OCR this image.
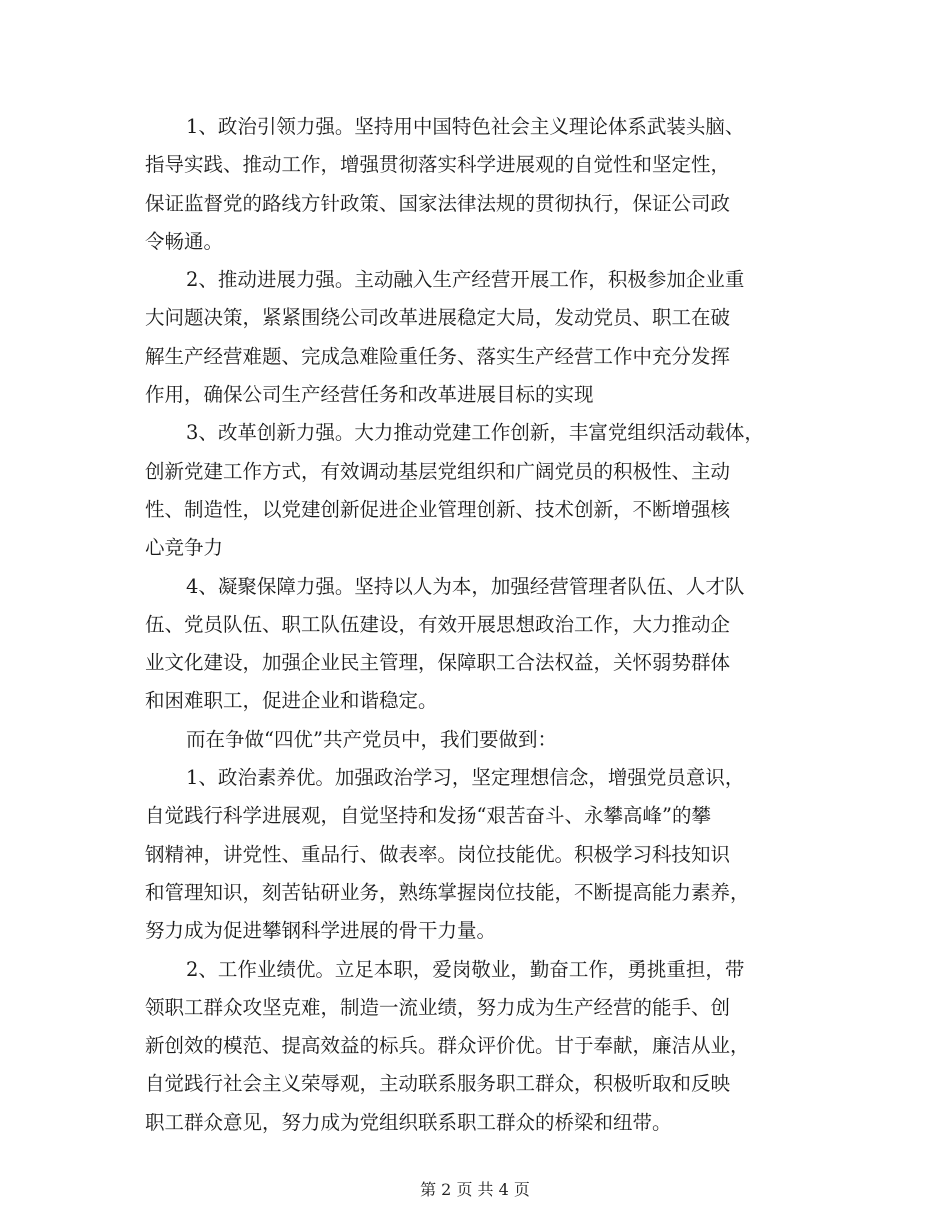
1、政治引领力强。坚持用中国特色社会主义理论体系武装头脑、
指导实践、推动工作，增强贯彻落实科学进展观的自觉性和坚定性，
保证监督党的路线方针政策、国家法律法规的贯彻执行，保证公司政
令畅通。
2、推动进展力强。主动融入生产经营开展工作，积极参加企业重
大问题决策，紧紧围绕公司改革进展稳定大局，发动党员、职工在破
解生产经营难题、完成急难险重任务、落实生产经营工作中充分发挥
作用，确保公司生产经营任务和改革进展目标的实现
3、改革创新力强。大力推动党建工作创新，丰富党组织活动载体，
创新党建工作方式，有效调动基层党组织和广阔党员的积极性、主动
性、制造性，以党建创新促进企业管理创新、技术创新，不断增强核
心竞争力
4、凝聚保障力强。坚持以人为本，加强经营管理者队伍、人才队
伍、党员队伍、职工队伍建设，有效开展思想政治工作，大力推动企
业文化建设，加强企业民主管理，保障职工合法权益，关怀弱势群体
和困难职工，促进企业和谐稳定。
而在争做“四优”共产党员中，我们要做到：
1、政治素养优。加强政治学习，坚定理想信念，增强党员意识，
自觉践行科学进展观，自觉坚持和发扬“艰苦奋斗、永攀高峰”的攀
钢精神，讲党性、重品行、做表率。岗位技能优。积极学习科技知识
和管理知识，刻苦钻研业务，熟练掌握岗位技能，不断提高能力素养，
努力成为促进攀钢科学进展的骨干力量。
2、工作业绩优。立足本职，爱岗敬业，勤奋工作，勇挑重担，带
领职工群众攻坚克难，制造一流业绩，努力成为生产经营的能手、创
新创效的模范、提高效益的标兵。群众评价优。甘于奉献，廉洁从业，
自觉践行社会主义荣辱观，主动联系服务职工群众，积极听取和反映
职工群众意见，努力成为党组织联系职工群众的桥梁和纽带。
第 2 页 共 4 页
